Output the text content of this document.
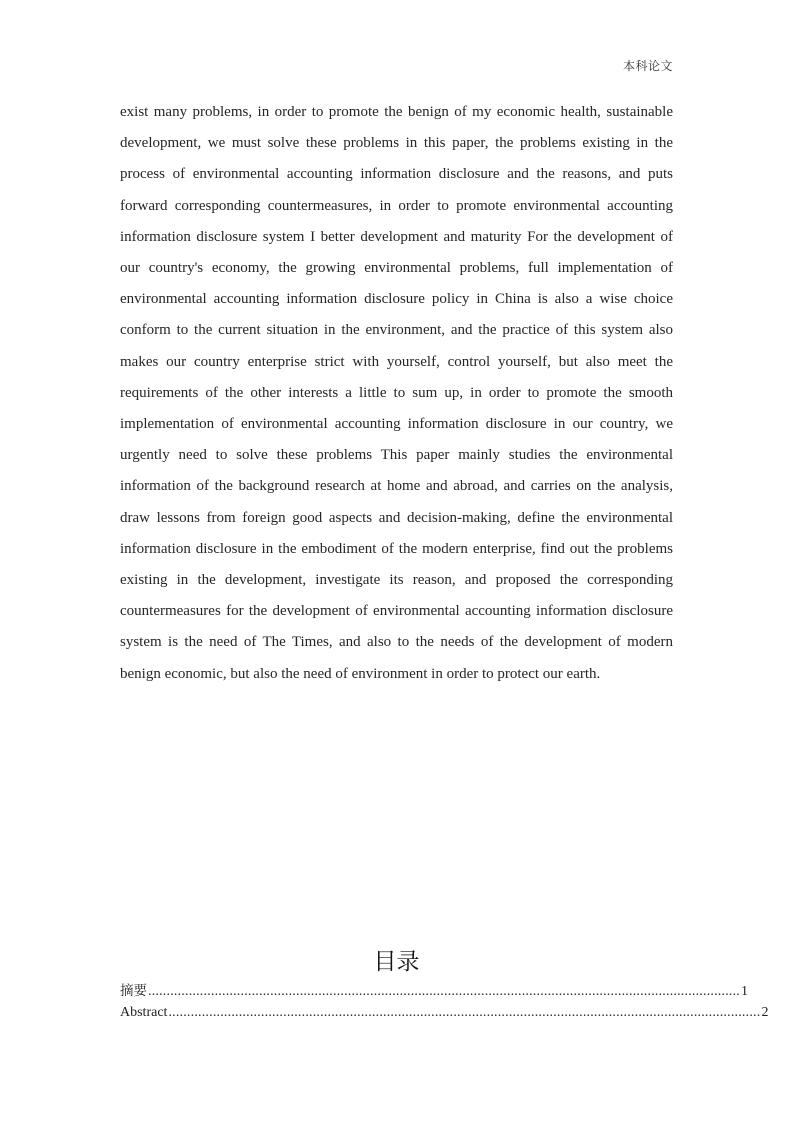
本科论文
exist many problems, in order to promote the benign of my economic health, sustainable development, we must solve these problems in this paper, the problems existing in the process of environmental accounting information disclosure and the reasons, and puts forward corresponding countermeasures, in order to promote environmental accounting information disclosure system I better development and maturity For the development of our country's economy, the growing environmental problems, full implementation of environmental accounting information disclosure policy in China is also a wise choice conform to the current situation in the environment, and the practice of this system also makes our country enterprise strict with yourself, control yourself, but also meet the requirements of the other interests a little to sum up, in order to promote the smooth implementation of environmental accounting information disclosure in our country, we urgently need to solve these problems This paper mainly studies the environmental information of the background research at home and abroad, and carries on the analysis, draw lessons from foreign good aspects and decision-making, define the environmental information disclosure in the embodiment of the modern enterprise, find out the problems existing in the development, investigate its reason, and proposed the corresponding countermeasures for the development of environmental accounting information disclosure system is the need of The Times, and also to the needs of the development of modern benign economic, but also the need of environment in order to protect our earth.
目录
摘要 ................................................................................................................................................................ 1
Abstract ................................................................................................................................................................ 2
